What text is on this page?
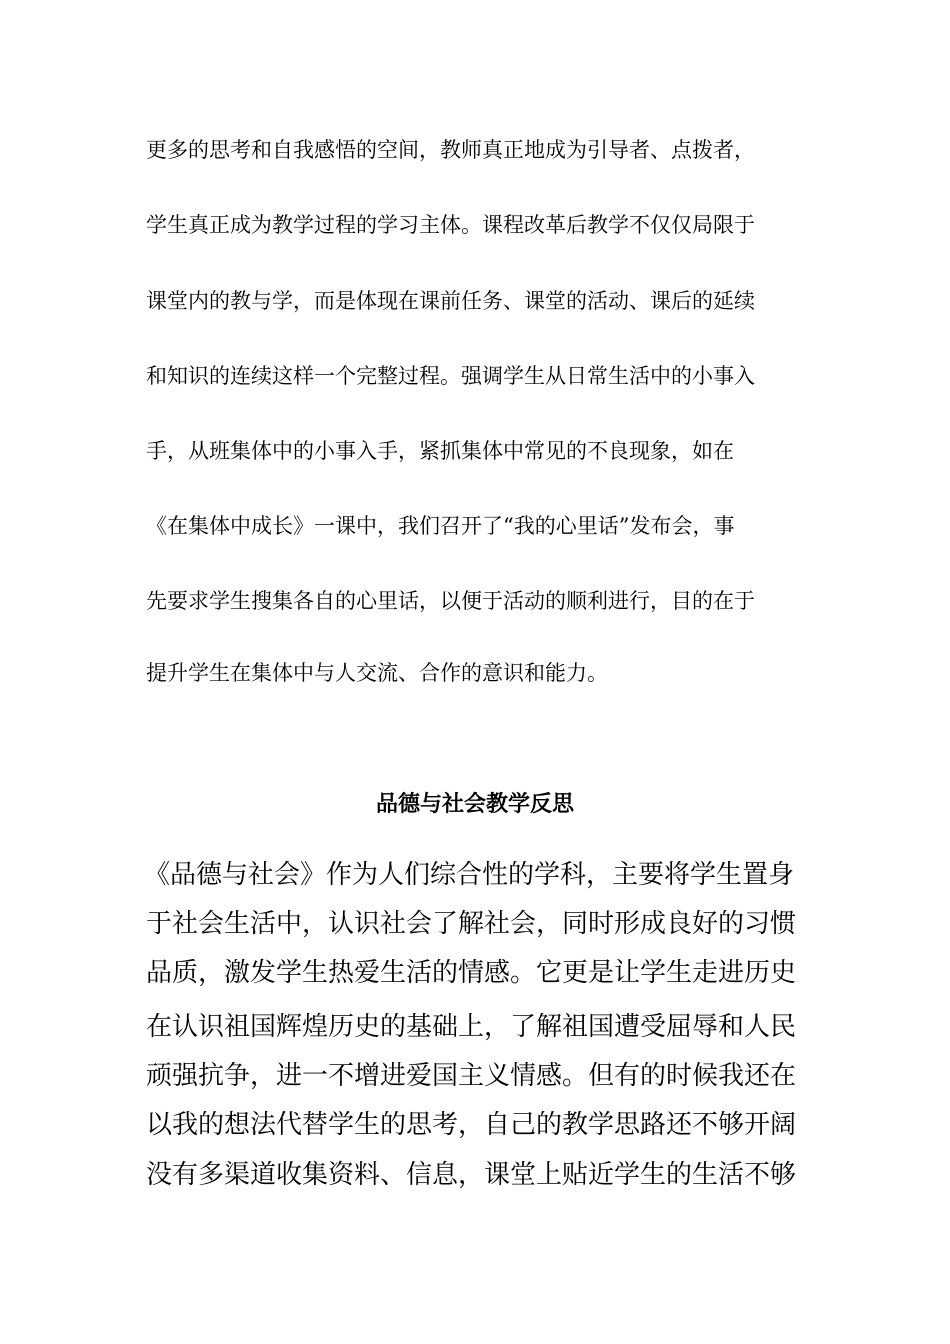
更多的思考和自我感悟的空间，教师真正地成为引导者、点拨者，
学生真正成为教学过程的学习主体。课程改革后教学不仅仅局限于
课堂内的教与学，而是体现在课前任务、课堂的活动、课后的延续
和知识的连续这样一个完整过程。强调学生从日常生活中的小事入
手，从班集体中的小事入手，紧抓集体中常见的不良现象，如在
《在集体中成长》一课中，我们召开了“我的心里话”发布会，事
先要求学生搜集各自的心里话，以便于活动的顺利进行，目的在于
提升学生在集体中与人交流、合作的意识和能力。
品德与社会教学反思
《品德与社会》作为人们综合性的学科，主要将学生置身
于社会生活中，认识社会了解社会，同时形成良好的习惯
品质，激发学生热爱生活的情感。它更是让学生走进历史
在认识祖国辉煌历史的基础上，了解祖国遭受屈辱和人民
顽强抗争，进一不增进爱国主义情感。但有的时候我还在
以我的想法代替学生的思考，自己的教学思路还不够开阔
没有多渠道收集资料、信息，课堂上贴近学生的生活不够
